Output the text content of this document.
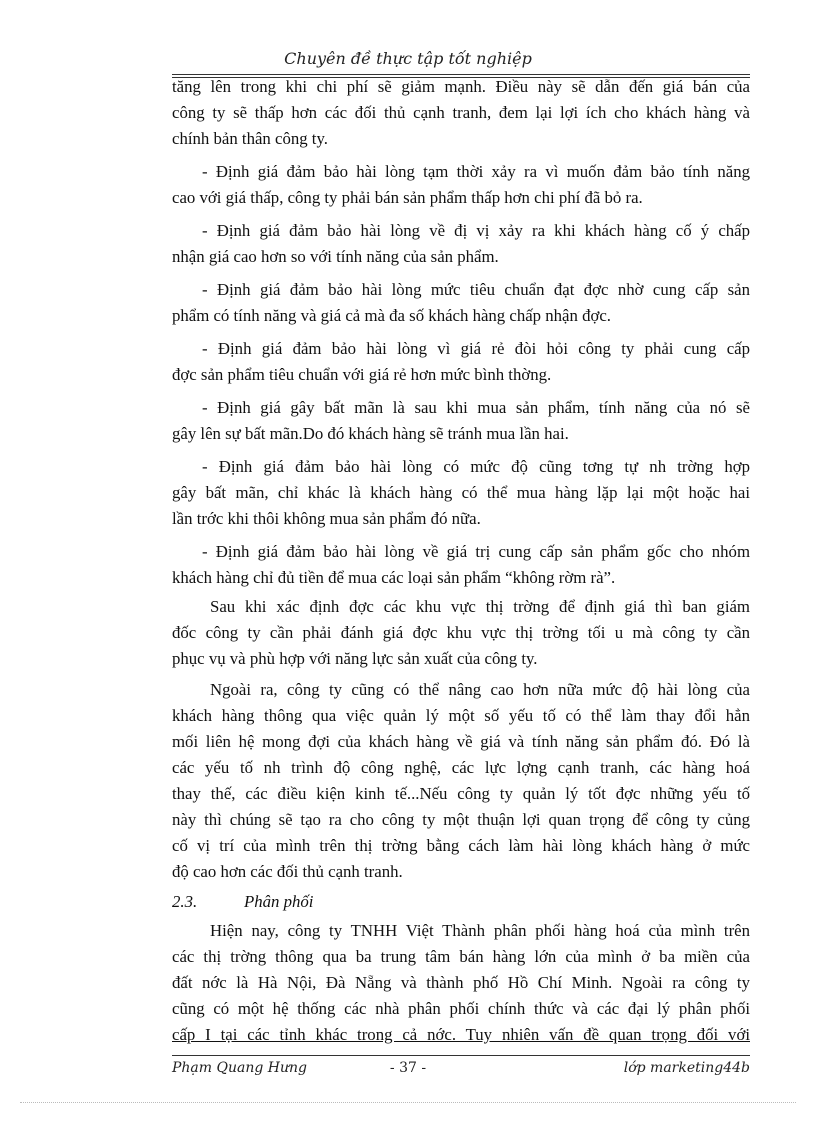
Chuyên đề thực tập tốt nghiệp
tăng lên trong khi chi phí sẽ giảm mạnh. Điều này sẽ dẫn đến giá bán của
công ty sẽ thấp hơn các đối thủ cạnh tranh, đem lại lợi ích cho khách hàng và
chính bản thân công ty.
- Định giá đảm bảo hài lòng tạm thời xảy ra vì muốn đảm bảo tính năng
cao với giá thấp, công ty phải bán sản phẩm thấp hơn chi phí đã bỏ ra.
- Định giá đảm bảo hài lòng về đị vị xảy ra khi khách hàng cố ý chấp
nhận giá cao hơn so với tính năng của sản phẩm.
- Định giá đảm bảo hài lòng mức tiêu chuẩn đạt đợc nhờ cung cấp sản
phẩm có tính năng và giá cả mà đa số khách hàng chấp nhận đợc.
- Định giá đảm bảo hài lòng vì giá rẻ đòi hỏi công ty phải cung cấp
đợc sản phẩm tiêu chuẩn với giá rẻ hơn mức bình thờng.
- Định giá gây bất mãn là sau khi mua sản phẩm, tính năng của nó sẽ
gây lên sự bất mãn.Do đó khách hàng sẽ tránh mua lần hai.
- Định giá đảm bảo hài lòng có mức độ cũng tơng tự nh trờng hợp
gây bất mãn, chỉ khác là khách hàng có thể mua hàng lặp lại một hoặc hai
lần trớc khi thôi không mua sản phẩm đó nữa.
- Định giá đảm bảo hài lòng về giá trị cung cấp sản phẩm gốc cho nhóm
khách hàng chỉ đủ tiền để mua các loại sản phẩm “không rờm rà”.
Sau khi xác định đợc các khu vực thị trờng để định giá thì ban giám
đốc công ty cần phải đánh giá đợc khu vực thị trờng tối u mà công ty cần
phục vụ và phù hợp với năng lực sản xuất của công ty.
Ngoài ra, công ty cũng có thể nâng cao hơn nữa mức độ hài lòng của
khách hàng thông qua việc quản lý một số yếu tố có thể làm thay đổi hẳn
mối liên hệ mong đợi của khách hàng về giá và tính năng sản phẩm đó. Đó là
các yếu tố nh trình độ công nghệ, các lực lợng cạnh tranh, các hàng hoá
thay thế, các điều kiện kinh tế...Nếu công ty quản lý tốt đợc những yếu tố
này thì chúng sẽ tạo ra cho công ty một thuận lợi quan trọng để công ty củng
cố vị trí của mình trên thị trờng bằng cách làm hài lòng khách hàng ở mức
độ cao hơn các đối thủ cạnh tranh.
2.3.	Phân phối
Hiện nay, công ty TNHH Việt Thành phân phối hàng hoá của mình trên
các thị trờng thông qua ba trung tâm bán hàng lớn của mình ở ba miền của
đất nớc là Hà Nội, Đà Nẵng và thành phố Hồ Chí Minh. Ngoài ra công ty
cũng có một hệ thống các nhà phân phối chính thức và các đại lý phân phối
cấp I tại các tỉnh khác trong cả nớc. Tuy nhiên vấn đề quan trọng đối với
Phạm Quang Hưng	- 37 -	lớp marketing44b
